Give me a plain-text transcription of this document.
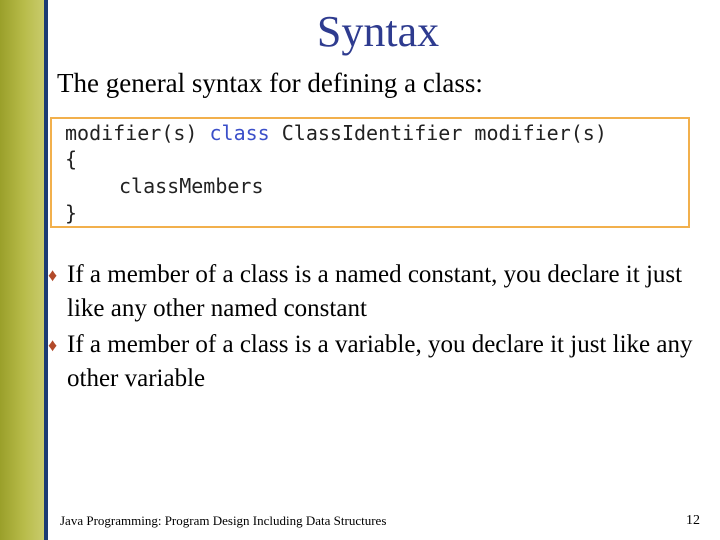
Syntax
The general syntax for defining a class:
modifier(s) class ClassIdentifier modifier(s)
{
classMembers
}
♦ If a member of a class is a named constant, you declare it just like any other named constant
♦ If a member of a class is a variable, you declare it just like any other variable
Java Programming: Program Design Including Data Structures	12
